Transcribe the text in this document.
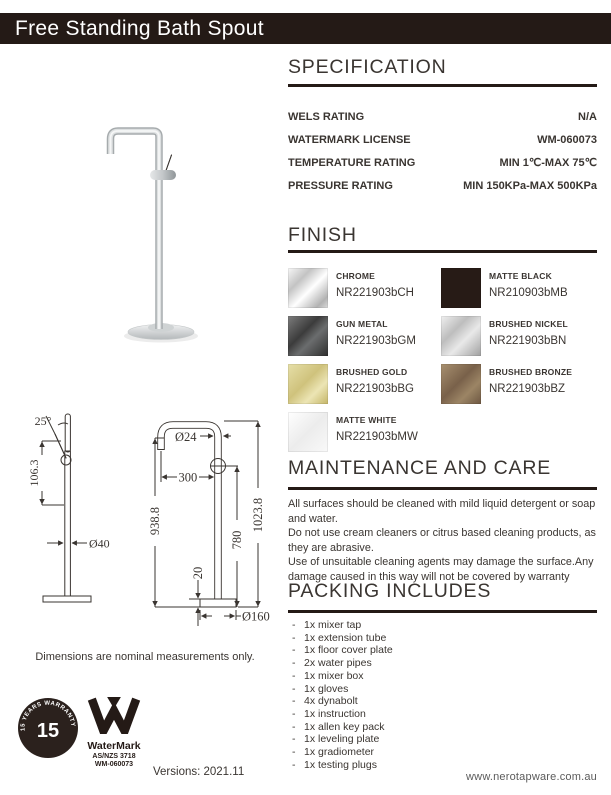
Free Standing Bath Spout
SPECIFICATION
WELS RATING	N/A
WATERMARK LICENSE	WM-060073
TEMPERATURE RATING	MIN 1℃-MAX 75℃
PRESSURE RATING	MIN 150KPa-MAX 500KPa
FINISH
CHROME
NR221903bCH
MATTE BLACK
NR210903bMB
GUN METAL
NR221903bGM
BRUSHED NICKEL
NR221903bBN
BRUSHED GOLD
NR221903bBG
BRUSHED BRONZE
NR221903bBZ
MATTE WHITE
NR221903bMW
MAINTENANCE AND CARE
All surfaces should be cleaned with mild liquid detergent or soap and water.
Do not use cream cleaners or citrus based cleaning products, as they are abrasive.
Use of unsuitable cleaning agents may damage the surface.Any damage caused in this way will not be covered by warranty
PACKING INCLUDES
- 1x mixer tap
- 1x extension tube
- 1x floor cover plate
- 2x water pipes
- 1x mixer box
- 1x gloves
- 4x dynabolt
- 1x instruction
- 1x allen key pack
- 1x leveling plate
- 1x gradiometer
- 1x testing plugs
www.nerotapware.com.au
25°
106.3
Ø40
Ø24
300
938.8	1023.8
780
20
Ø160
Dimensions are nominal measurements only.
15 YEARS WARRANTY
15
WaterMark
AS/NZS 3718
WM-060073
Versions: 2021.11
